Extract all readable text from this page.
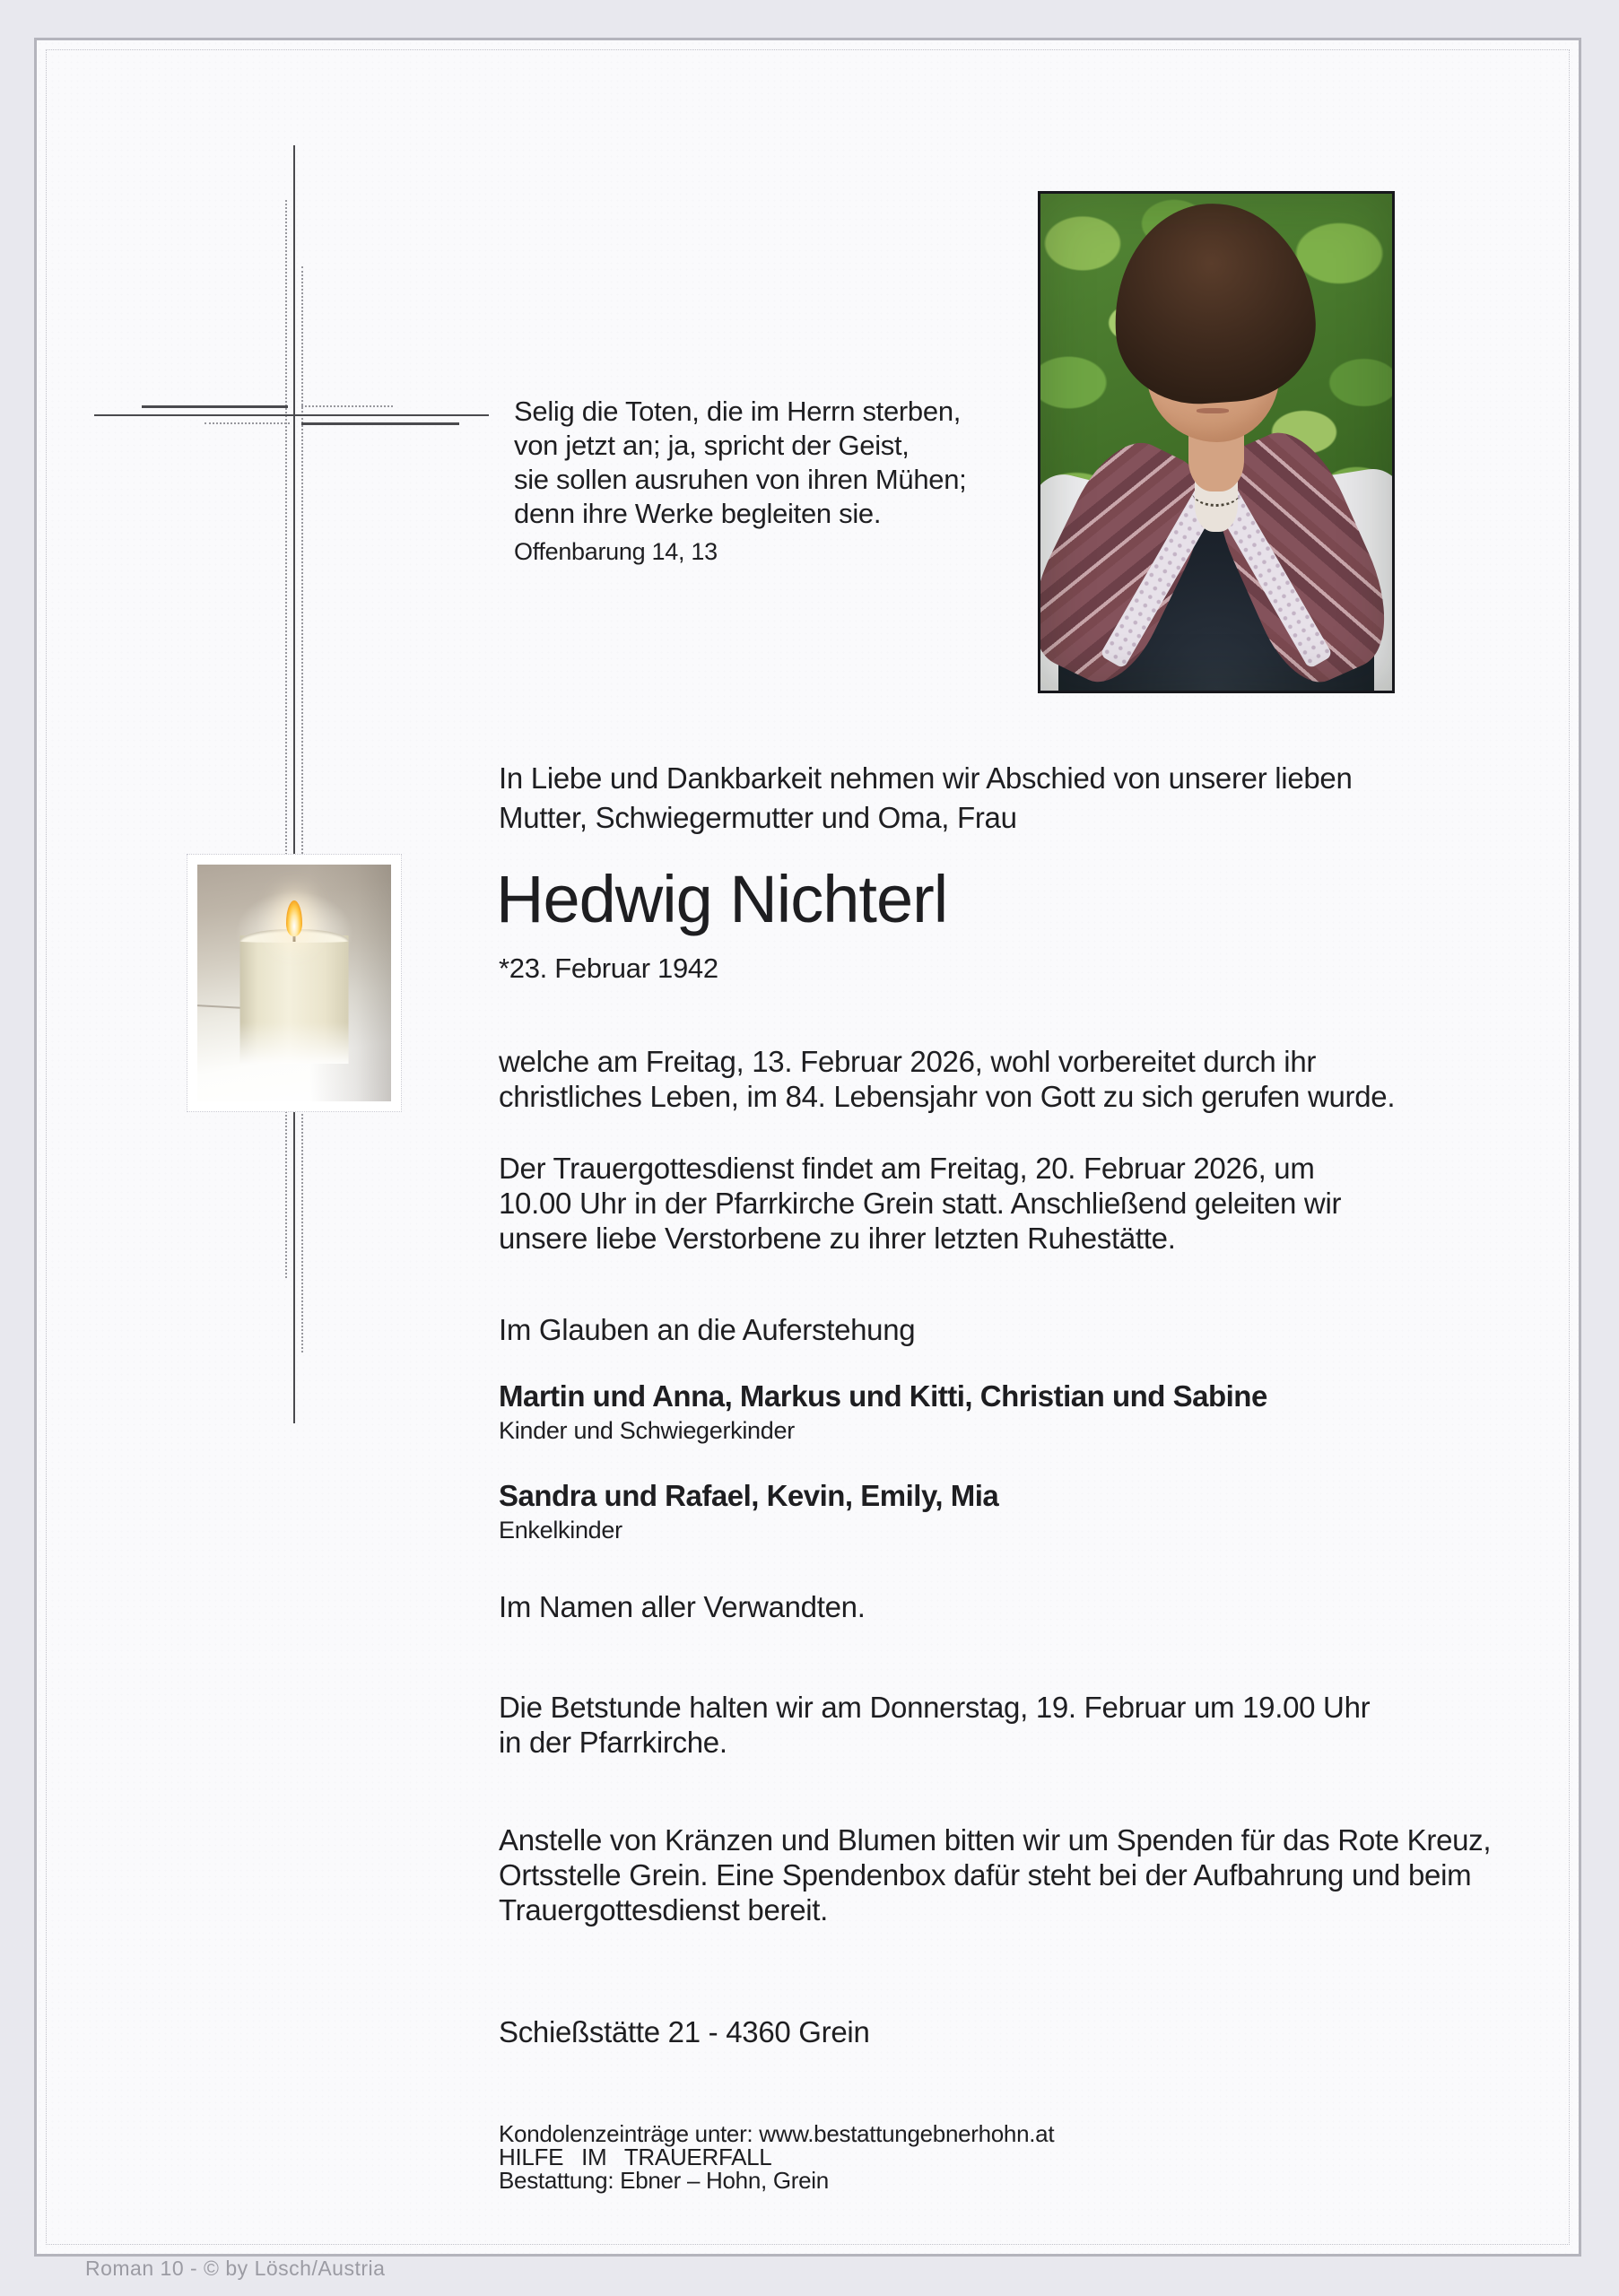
Selig die Toten, die im Herrn sterben,
von jetzt an; ja, spricht der Geist,
sie sollen ausruhen von ihren Mühen;
denn ihre Werke begleiten sie.
Offenbarung 14, 13
In Liebe und Dankbarkeit nehmen wir Abschied von unserer lieben
Mutter, Schwiegermutter und Oma, Frau
Hedwig Nichterl
*23. Februar 1942
welche am Freitag, 13. Februar 2026, wohl vorbereitet durch ihr
christliches Leben, im 84. Lebensjahr von Gott zu sich gerufen wurde.
Der Trauergottesdienst findet am Freitag, 20. Februar 2026, um
10.00 Uhr in der Pfarrkirche Grein statt. Anschließend geleiten wir
unsere liebe Verstorbene zu ihrer letzten Ruhestätte.
Im Glauben an die Auferstehung
Martin und Anna, Markus und Kitti, Christian und Sabine
Kinder und Schwiegerkinder
Sandra und Rafael, Kevin, Emily, Mia
Enkelkinder
Im Namen aller Verwandten.
Die Betstunde halten wir am Donnerstag, 19. Februar um 19.00 Uhr
in der Pfarrkirche.
Anstelle von Kränzen und Blumen bitten wir um Spenden für das Rote Kreuz,
Ortsstelle Grein. Eine Spendenbox dafür steht bei der Aufbahrung und beim
Trauergottesdienst bereit.
Schießstätte 21 - 4360 Grein
Kondolenzeinträge unter: www.bestattungebnerhohn.at
HILFE IM TRAUERFALL
Bestattung: Ebner – Hohn, Grein
Roman 10 - © by Lösch/Austria
